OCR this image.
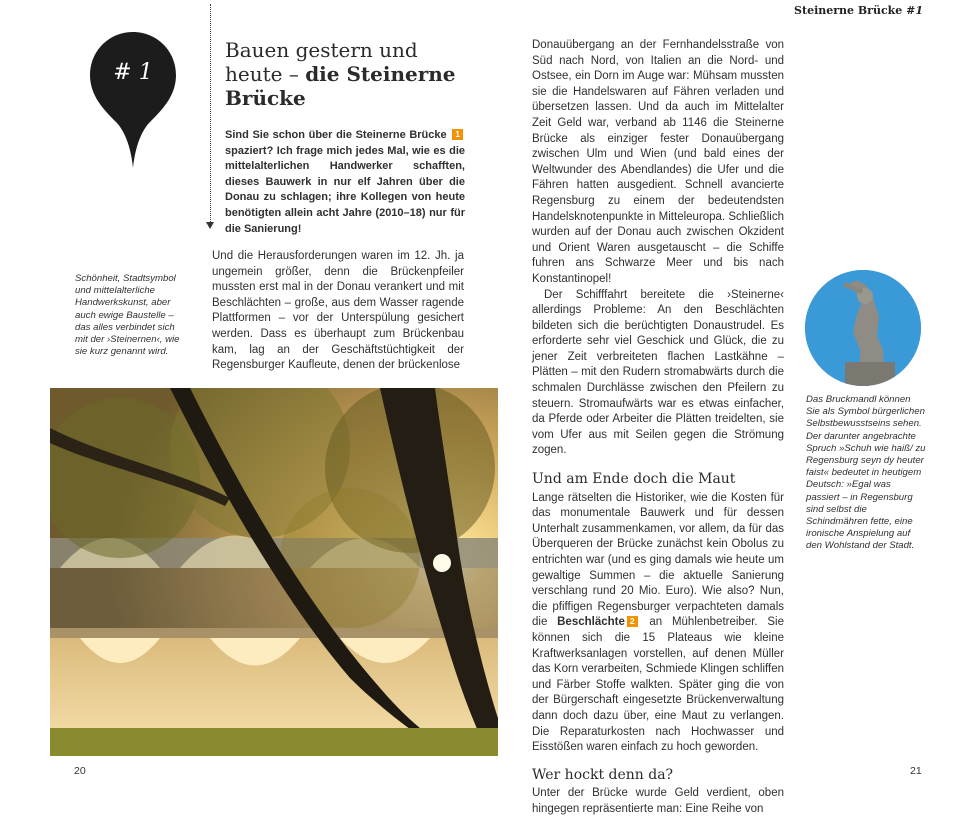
Steinerne Brücke #1
# 1
Bauen gestern und
heute – die Steinerne
Brücke
Sind Sie schon über die Steinerne Brücke 1 spaziert? Ich frage mich jedes Mal, wie es die mittelalterlichen Handwerker schafften, dieses Bauwerk in nur elf Jahren über die Donau zu schlagen; ihre Kollegen von heute benötigten allein acht Jahre (2010–18) nur für die Sanierung!
Schönheit, Stadtsymbol und mittelalterliche Handwerkskunst, aber auch ewige Baustelle – das alles verbindet sich mit der ›Steinernen‹, wie sie kurz genannt wird.

Und die Herausforderungen waren im 12. Jh. ja ungemein größer, denn die Brückenpfeiler mussten erst mal in der Donau verankert und mit Beschlächten – große, aus dem Wasser ragende Plattformen – vor der Unterspülung gesichert werden. Dass es überhaupt zum Brückenbau kam, lag an der Geschäftstüchtigkeit der Regensburger Kaufleute, denen der brückenlose

Donauübergang an der Fernhandelsstraße von Süd nach Nord, von Italien an die Nord- und Ostsee, ein Dorn im Auge war: Mühsam mussten sie die Handelswaren auf Fähren verladen und übersetzen lassen. Und da auch im Mittelalter Zeit Geld war, verband ab 1146 die Steinerne Brücke als einziger fester Donauübergang zwischen Ulm und Wien (und bald eines der Weltwunder des Abendlandes) die Ufer und die Fähren hatten ausgedient. Schnell avancierte Regensburg zu einem der bedeutendsten Handelsknotenpunkte in Mitteleuropa. Schließlich wurden auf der Donau auch zwischen Okzident und Orient Waren ausgetauscht – die Schiffe fuhren ans Schwarze Meer und bis nach Konstantinopel!

Der Schifffahrt bereitete die ›Steinerne‹ allerdings Probleme: An den Beschlächten bildeten sich die berüchtigten Donaustrudel. Es erforderte sehr viel Geschick und Glück, die zu jener Zeit verbreiteten flachen Lastkähne – Plätten – mit den Rudern stromabwärts durch die schmalen Durchlässe zwischen den Pfeilern zu steuern. Stromaufwärts war es etwas einfacher, da Pferde oder Arbeiter die Plätten treidelten, sie vom Ufer aus mit Seilen gegen die Strömung zogen.

Und am Ende doch die Maut

Lange rätselten die Historiker, wie die Kosten für das monumentale Bauwerk und für dessen Unterhalt zusammenkamen, vor allem, da für das Überqueren der Brücke zunächst kein Obolus zu entrichten war (und es ging damals wie heute um gewaltige Summen – die aktuelle Sanierung verschlang rund 20 Mio. Euro). Wie also? Nun, die pfiffigen Regensburger verpachteten damals die Beschlächte 2 an Mühlenbetreiber. Sie können sich die 15 Plateaus wie kleine Kraftwerksanlagen vorstellen, auf denen Müller das Korn verarbeiten, Schmiede Klingen schliffen und Färber Stoffe walkten. Später ging die von der Bürgerschaft eingesetzte Brückenverwaltung dann doch dazu über, eine Maut zu verlangen. Die Reparaturkosten nach Hochwasser und Eisstößen waren einfach zu hoch geworden.

Wer hockt denn da?

Unter der Brücke wurde Geld verdient, oben hingegen repräsentierte man: Eine Reihe von

Das Bruckmandl können Sie als Symbol bürgerlichen Selbstbewusstseins sehen. Der darunter angebrachte Spruch »Schuh wie haiß/ zu Regensburg seyn dy heuter faist« bedeutet in heutigem Deutsch: »Egal was passiert – in Regensburg sind selbst die Schindmähren fette, eine ironische Anspielung auf den Wohlstand der Stadt.
20	21
